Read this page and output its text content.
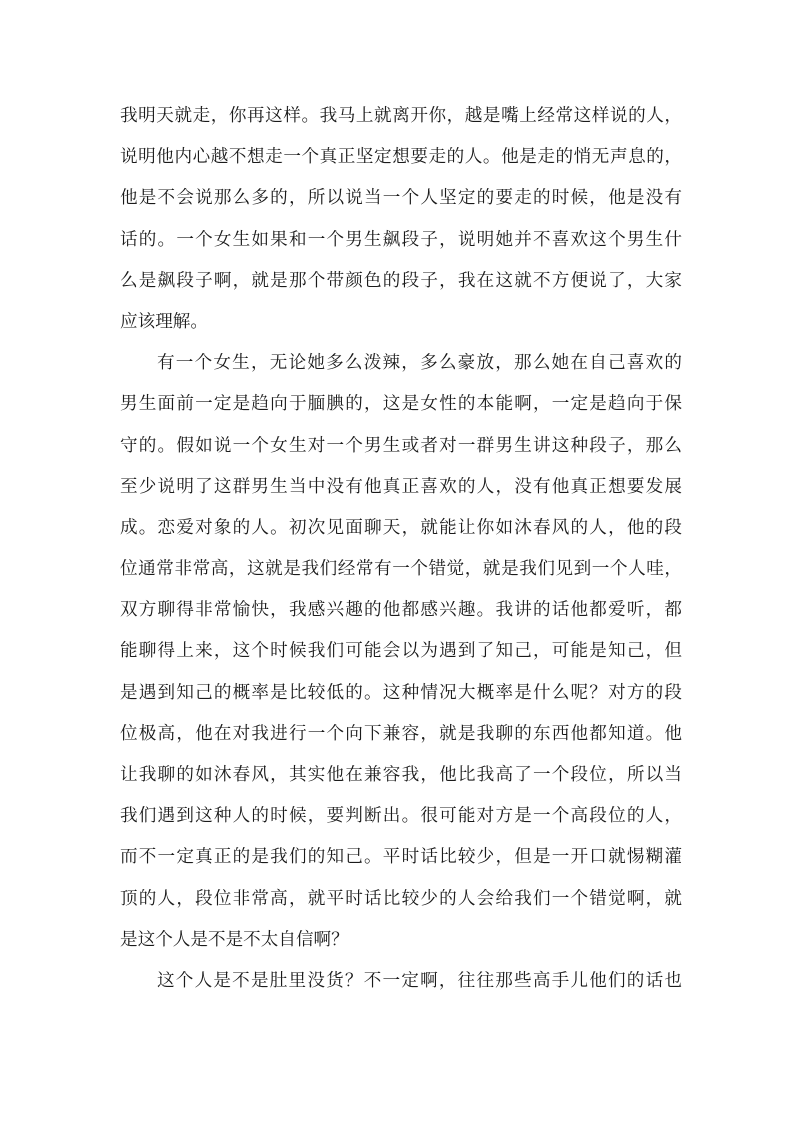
我明天就走，你再这样。我马上就离开你，越是嘴上经常这样说的人，
说明他内心越不想走一个真正坚定想要走的人。他是走的悄无声息的，
他是不会说那么多的，所以说当一个人坚定的要走的时候，他是没有
话的。一个女生如果和一个男生飙段子，说明她并不喜欢这个男生什
么是飙段子啊，就是那个带颜色的段子，我在这就不方便说了，大家
应该理解。
有一个女生，无论她多么泼辣，多么豪放，那么她在自己喜欢的
男生面前一定是趋向于腼腆的，这是女性的本能啊，一定是趋向于保
守的。假如说一个女生对一个男生或者对一群男生讲这种段子，那么
至少说明了这群男生当中没有他真正喜欢的人，没有他真正想要发展
成。恋爱对象的人。初次见面聊天，就能让你如沐春风的人，他的段
位通常非常高，这就是我们经常有一个错觉，就是我们见到一个人哇，
双方聊得非常愉快，我感兴趣的他都感兴趣。我讲的话他都爱听，都
能聊得上来，这个时候我们可能会以为遇到了知己，可能是知己，但
是遇到知己的概率是比较低的。这种情况大概率是什么呢？对方的段
位极高，他在对我进行一个向下兼容，就是我聊的东西他都知道。他
让我聊的如沐春风，其实他在兼容我，他比我高了一个段位，所以当
我们遇到这种人的时候，要判断出。很可能对方是一个高段位的人，
而不一定真正的是我们的知己。平时话比较少，但是一开口就惕糊灌
顶的人，段位非常高，就平时话比较少的人会给我们一个错觉啊，就
是这个人是不是不太自信啊？
这个人是不是肚里没货？不一定啊，往往那些高手儿他们的话也
